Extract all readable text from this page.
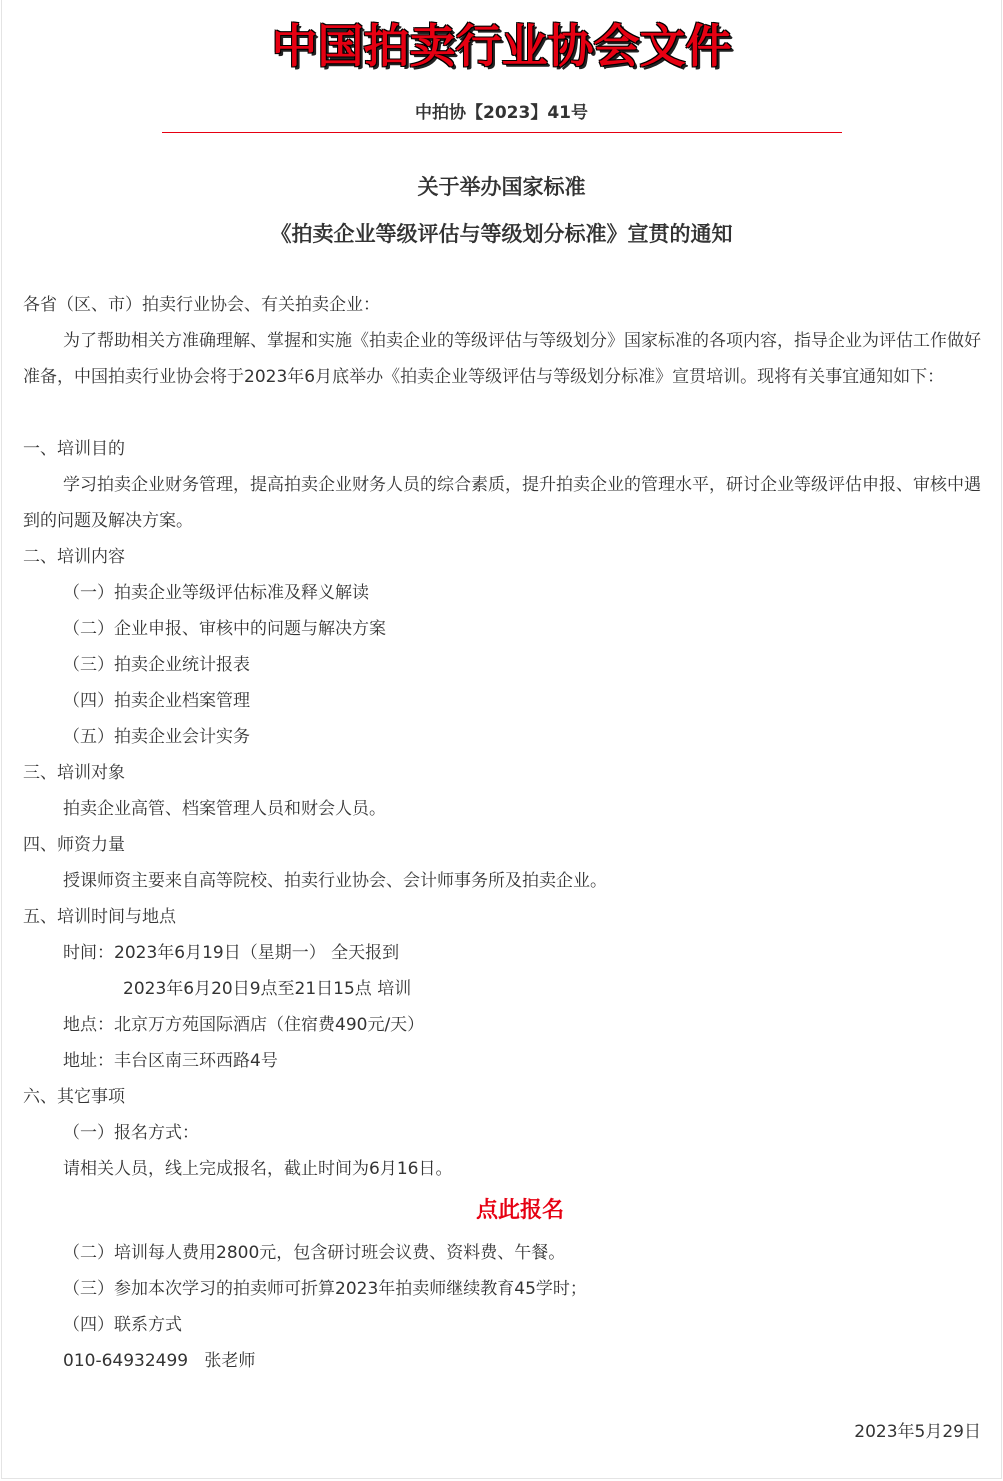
中国拍卖行业协会文件
中拍协【2023】41号
关于举办国家标准
《拍卖企业等级评估与等级划分标准》宣贯的通知
各省（区、市）拍卖行业协会、有关拍卖企业：
为了帮助相关方准确理解、掌握和实施《拍卖企业的等级评估与等级划分》国家标准的各项内容，指导企业为评估工作做好准备，中国拍卖行业协会将于2023年6月底举办《拍卖企业等级评估与等级划分标准》宣贯培训。现将有关事宜通知如下：
一、培训目的
学习拍卖企业财务管理，提高拍卖企业财务人员的综合素质，提升拍卖企业的管理水平，研讨企业等级评估申报、审核中遇到的问题及解决方案。
二、培训内容
（一）拍卖企业等级评估标准及释义解读
（二）企业申报、审核中的问题与解决方案
（三）拍卖企业统计报表
（四）拍卖企业档案管理
（五）拍卖企业会计实务
三、培训对象
拍卖企业高管、档案管理人员和财会人员。
四、师资力量
授课师资主要来自高等院校、拍卖行业协会、会计师事务所及拍卖企业。
五、培训时间与地点
时间：2023年6月19日（星期一） 全天报到
2023年6月20日9点至21日15点 培训
地点：北京万方苑国际酒店（住宿费490元/天）
地址：丰台区南三环西路4号
六、其它事项
（一）报名方式：
请相关人员，线上完成报名，截止时间为6月16日。
点此报名
（二）培训每人费用2800元，包含研讨班会议费、资料费、午餐。
（三）参加本次学习的拍卖师可折算2023年拍卖师继续教育45学时；
（四）联系方式
010-64932499   张老师
2023年5月29日
